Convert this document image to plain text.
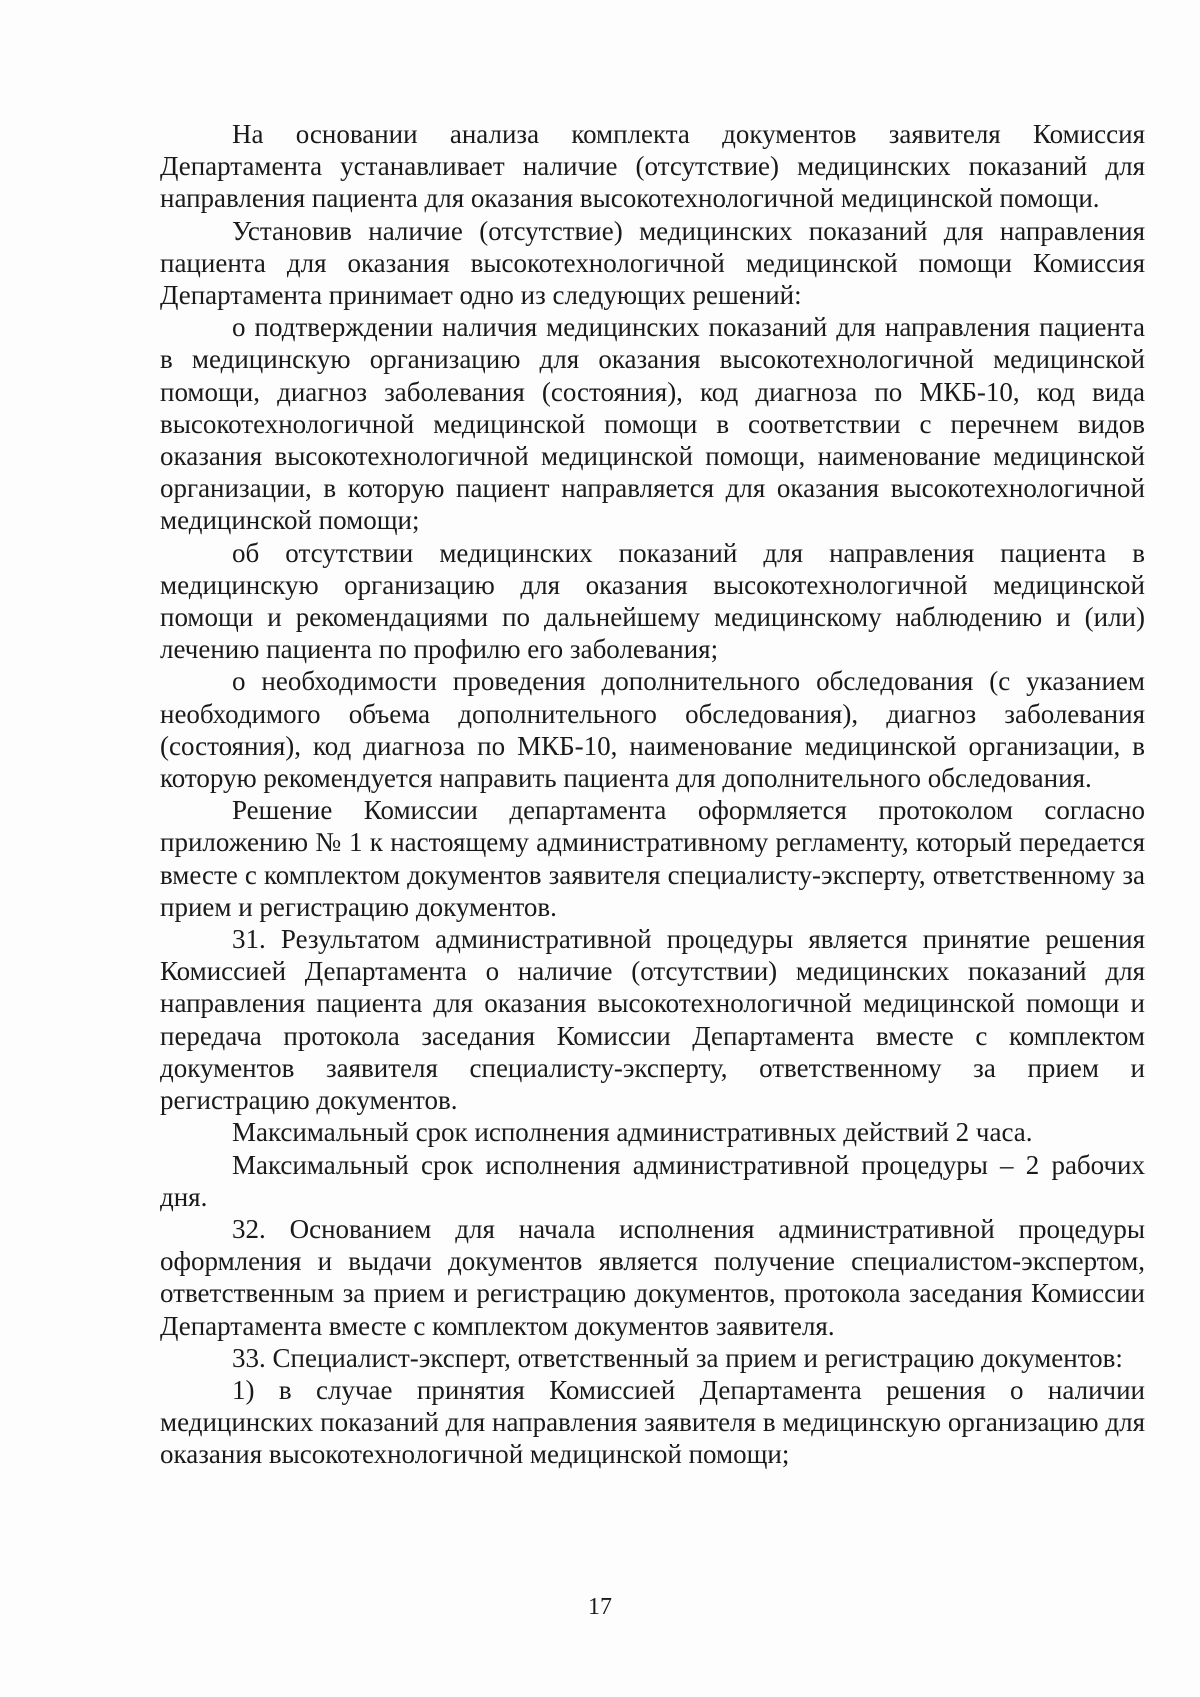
На основании анализа комплекта документов заявителя Комиссия Департамента устанавливает наличие (отсутствие) медицинских показаний для направления пациента для оказания высокотехнологичной медицинской помощи.

Установив наличие (отсутствие) медицинских показаний для направления пациента для оказания высокотехнологичной медицинской помощи Комиссия Департамента принимает одно из следующих решений:

о подтверждении наличия медицинских показаний для направления пациента в медицинскую организацию для оказания высокотехнологичной медицинской помощи, диагноз заболевания (состояния), код диагноза по МКБ-10, код вида высокотехнологичной медицинской помощи в соответствии с перечнем видов оказания высокотехнологичной медицинской помощи, наименование медицинской организации, в которую пациент направляется для оказания высокотехнологичной медицинской помощи;

об отсутствии медицинских показаний для направления пациента в медицинскую организацию для оказания высокотехнологичной медицинской помощи и рекомендациями по дальнейшему медицинскому наблюдению и (или) лечению пациента по профилю его заболевания;

о необходимости проведения дополнительного обследования (с указанием необходимого объема дополнительного обследования), диагноз заболевания (состояния), код диагноза по МКБ-10, наименование медицинской организации, в которую рекомендуется направить пациента для дополнительного обследования.

Решение Комиссии департамента оформляется протоколом согласно приложению № 1 к настоящему административному регламенту, который передается вместе с комплектом документов заявителя специалисту-эксперту, ответственному за прием и регистрацию документов.

31. Результатом административной процедуры является принятие решения Комиссией Департамента о наличие (отсутствии) медицинских показаний для направления пациента для оказания высокотехнологичной медицинской помощи и передача протокола заседания Комиссии Департамента вместе с комплектом документов заявителя специалисту-эксперту, ответственному за прием и регистрацию документов.

Максимальный срок исполнения административных действий 2 часа.

Максимальный срок исполнения административной процедуры – 2 рабочих дня.

32. Основанием для начала исполнения административной процедуры оформления и выдачи документов является получение специалистом-экспертом, ответственным за прием и регистрацию документов, протокола заседания Комиссии Департамента вместе с комплектом документов заявителя.

33. Специалист-эксперт, ответственный за прием и регистрацию документов:

1) в случае принятия Комиссией Департамента решения о наличии медицинских показаний для направления заявителя в медицинскую организацию для оказания высокотехнологичной медицинской помощи;

17
